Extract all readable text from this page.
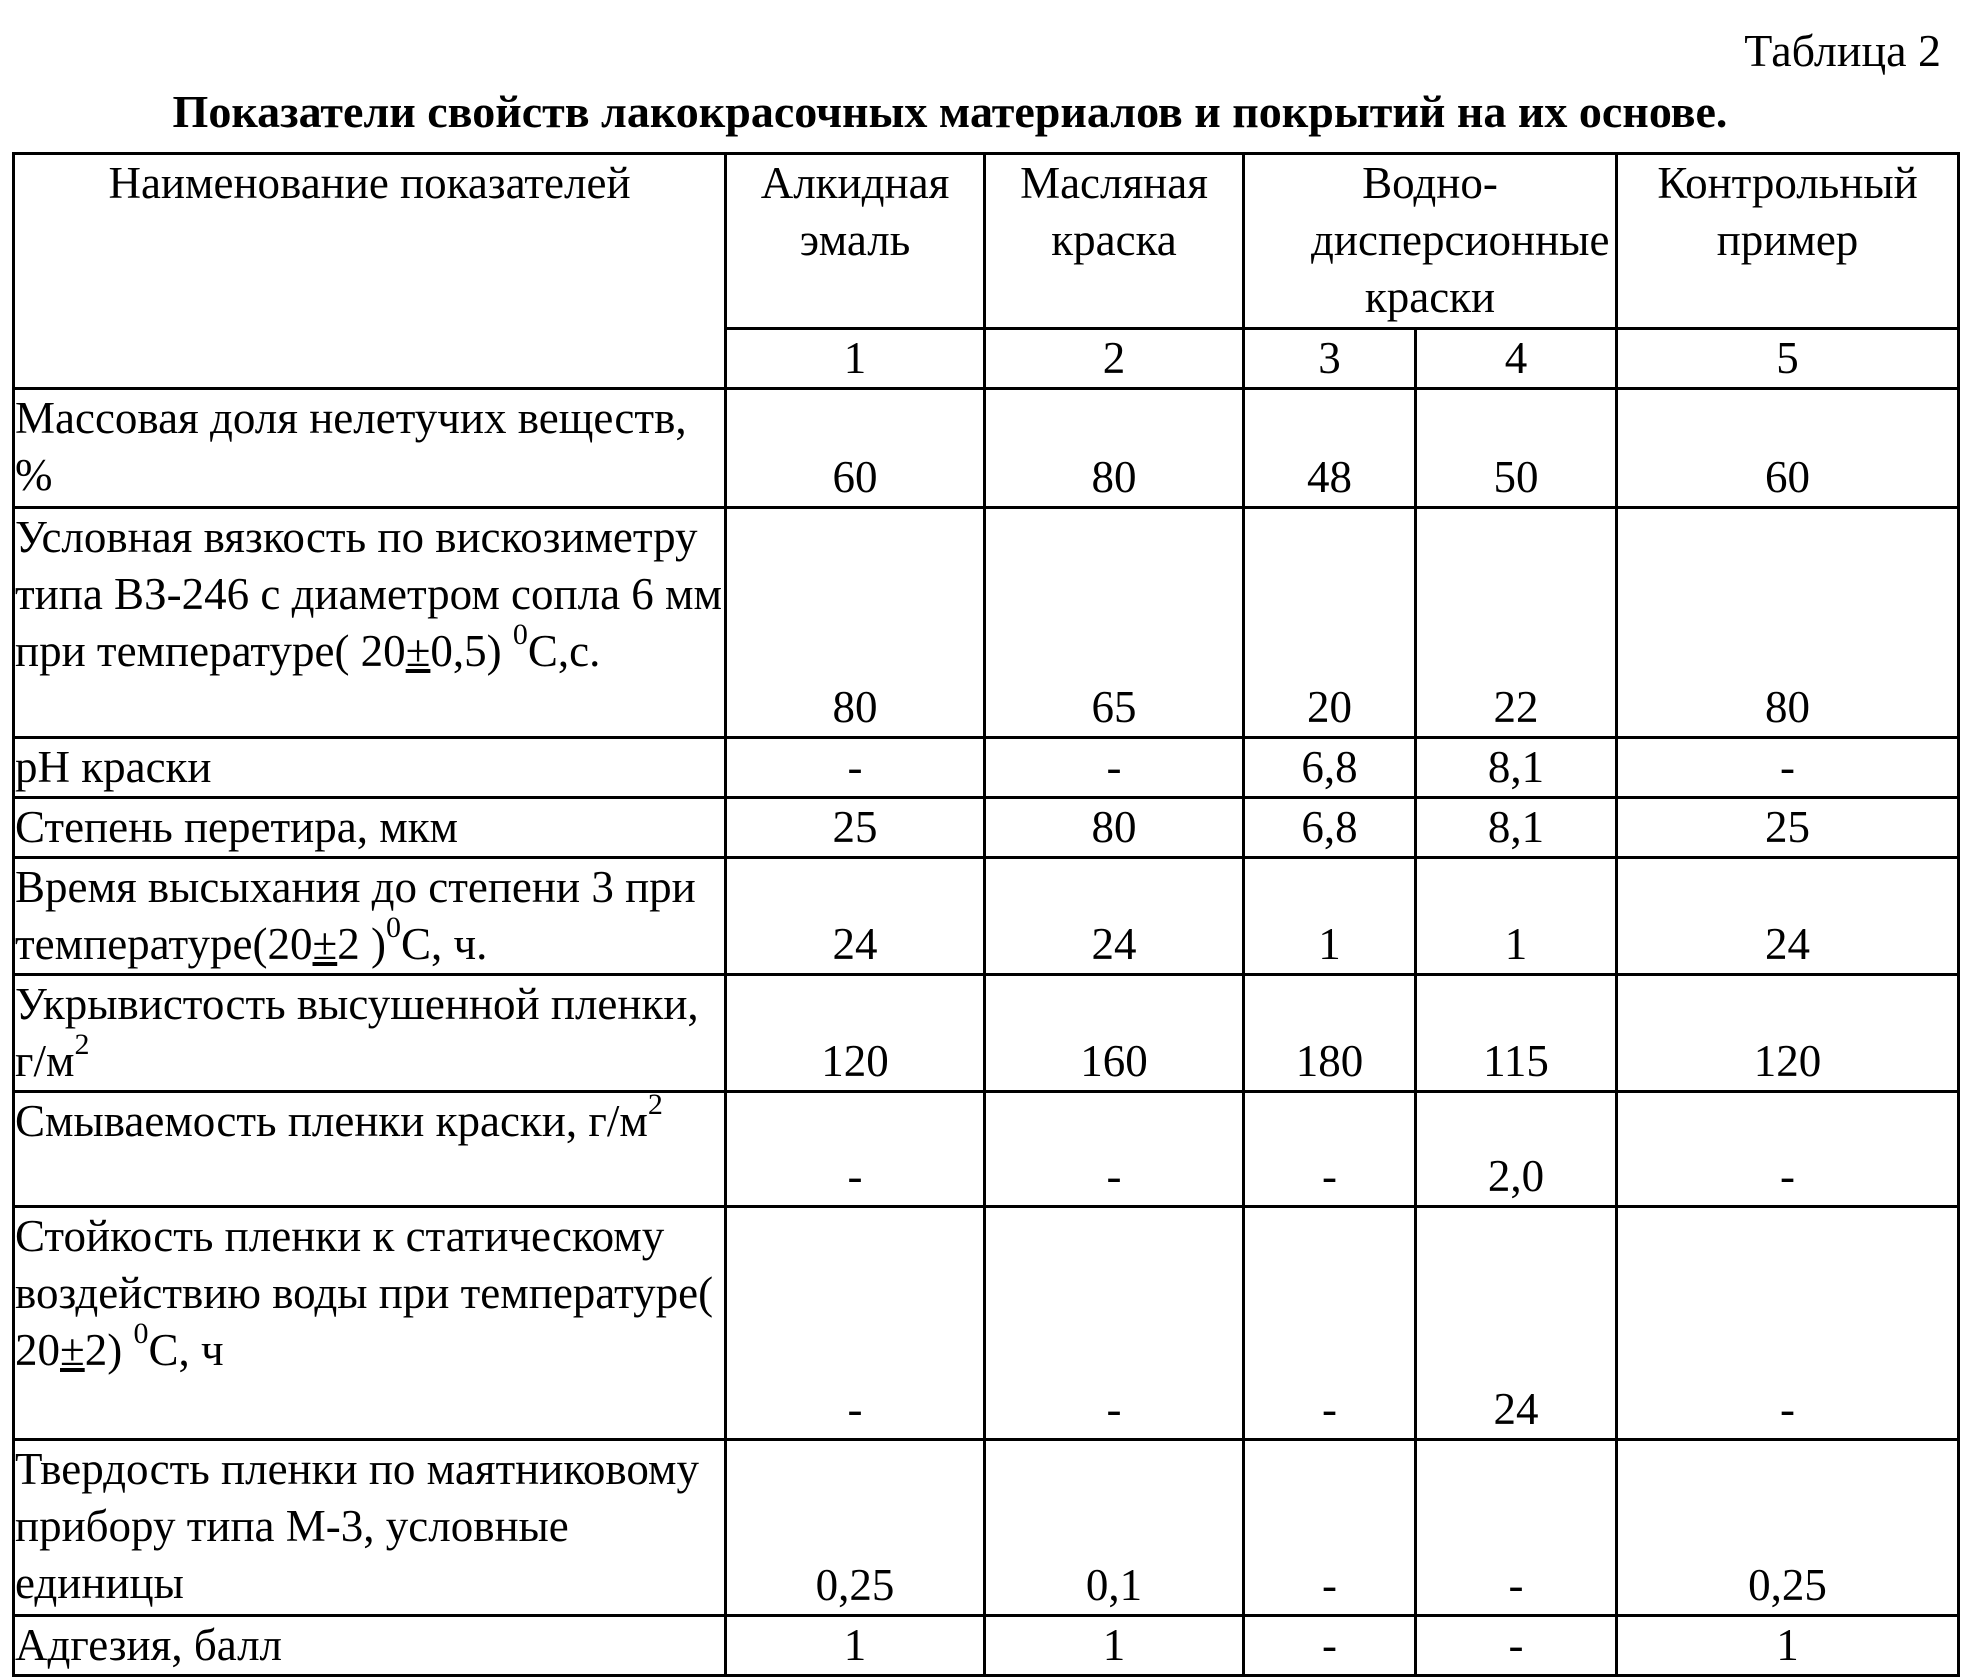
Таблица 2
Показатели свойств лакокрасочных материалов и покрытий на их основе.
Наименование показателей	Алкидная эмаль	Масляная краска	Водно-дисперсионные краски		Контрольный пример
	1	2	3	4	5
Массовая доля нелетучих веществ, %	60	80	48	50	60
Условная вязкость по вискозиметру типа ВЗ-246 с диаметром сопла 6 мм при температуре( 20±0,5) $^0$С,с.	80	65	20	22	80
рН краски	-	-	6,8	8,1	-
Степень перетира, мкм	25	80	6,8	8,1	25
Время высыхания до степени 3 при температуре(20±2 )$^0$С, ч.	24	24	1	1	24
Укрывистость высушенной пленки, $г/м^2$	120	160	180	115	120
Смываемость пленки краски, $г/м^2$	-	-	-	2,0	-
Стойкость пленки к статическому воздействию воды при температуре( 20±2) $^0$С, ч	-	-	-	24	-
Твердость пленки по маятниковому прибору типа М-3, условные единицы	0,25	0,1	-	-	0,25
Адгезия, балл	1	1	-	-	1
